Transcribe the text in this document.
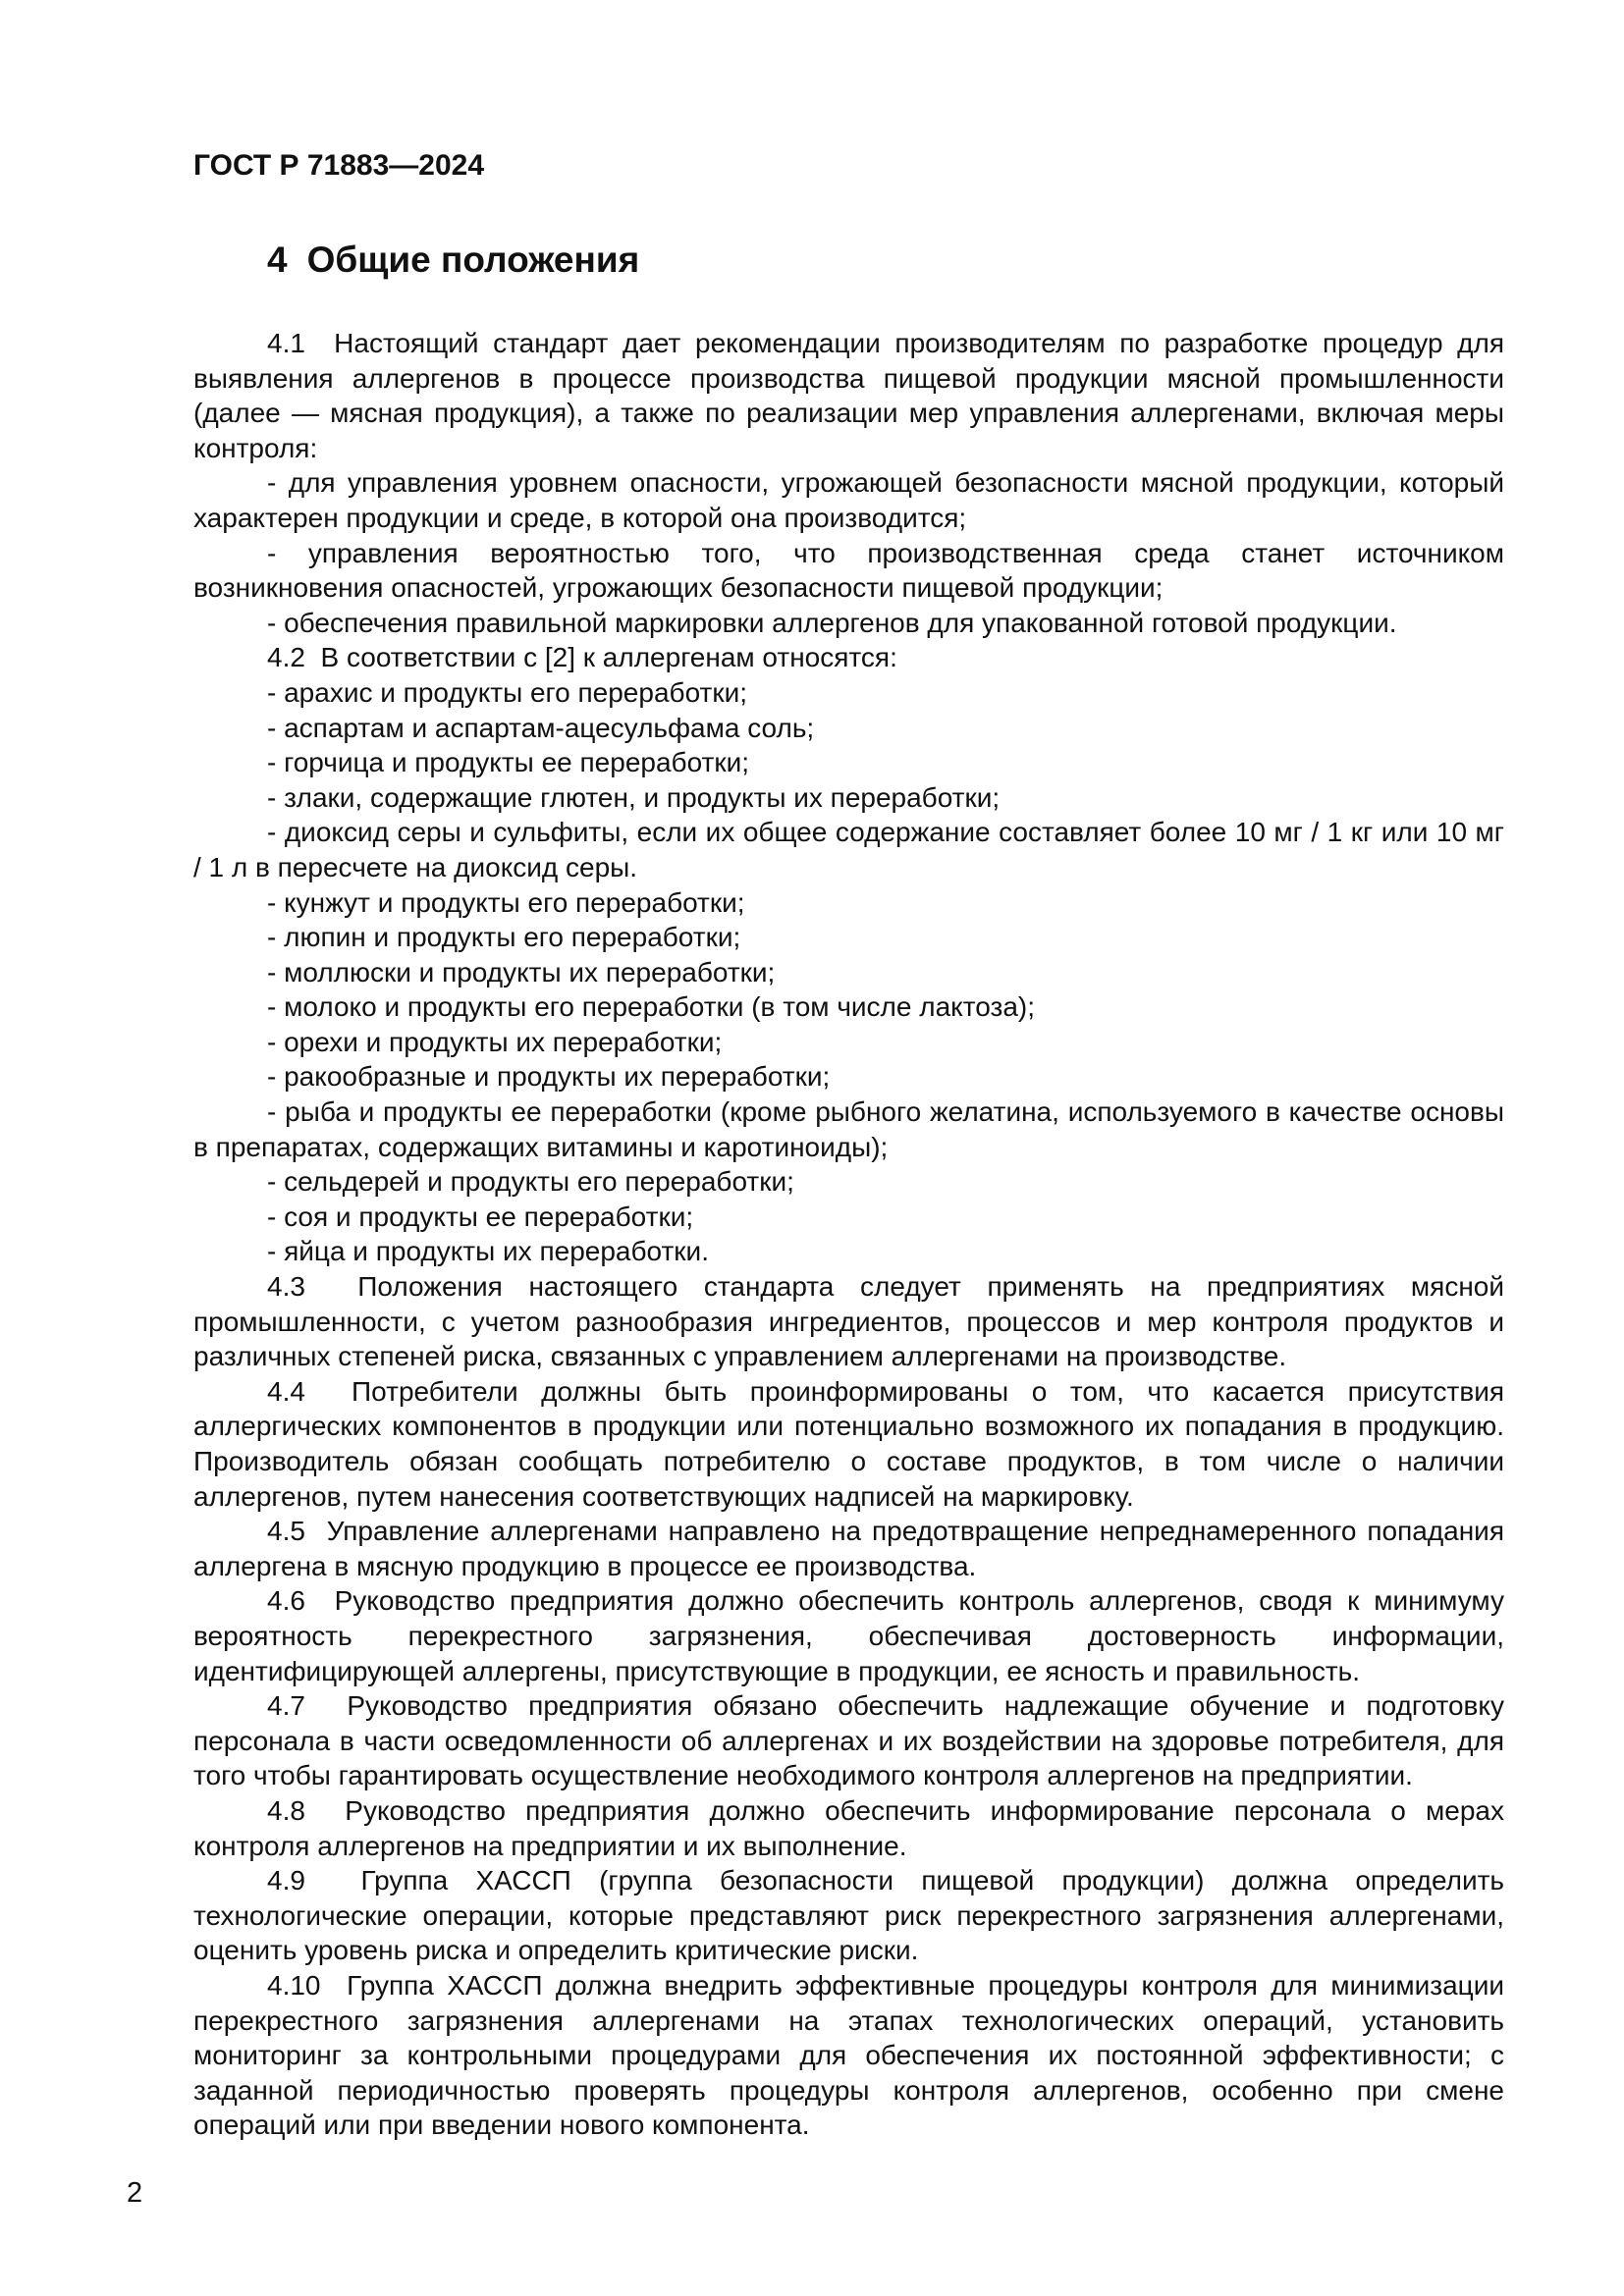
ГОСТ Р 71883—2024
4 Общие положения

4.1  Настоящий стандарт дает рекомендации производителям по разработке процедур для выявления аллергенов в процессе производства пищевой продукции мясной промышленности (далее — мясная продукция), а также по реализации мер управления аллергенами, включая меры контроля:

- для управления уровнем опасности, угрожающей безопасности мясной продукции, который характерен продукции и среде, в которой она производится;

- управления вероятностью того, что производственная среда станет источником возникновения опасностей, угрожающих безопасности пищевой продукции;

- обеспечения правильной маркировки аллергенов для упакованной готовой продукции.

4.2  В соответствии с [2] к аллергенам относятся:

- арахис и продукты его переработки;

- аспартам и аспартам-ацесульфама соль;

- горчица и продукты ее переработки;

- злаки, содержащие глютен, и продукты их переработки;

- диоксид серы и сульфиты, если их общее содержание составляет более 10 мг / 1 кг или 10 мг / 1 л в пересчете на диоксид серы.

- кунжут и продукты его переработки;

- люпин и продукты его переработки;

- моллюски и продукты их переработки;

- молоко и продукты его переработки (в том числе лактоза);

- орехи и продукты их переработки;

- ракообразные и продукты их переработки;

- рыба и продукты ее переработки (кроме рыбного желатина, используемого в качестве основы в препаратах, содержащих витамины и каротиноиды);

- сельдерей и продукты его переработки;

- соя и продукты ее переработки;

- яйца и продукты их переработки.

4.3  Положения настоящего стандарта следует применять на предприятиях мясной промышленности, с учетом разнообразия ингредиентов, процессов и мер контроля продуктов и различных степеней риска, связанных с управлением аллергенами на производстве.

4.4  Потребители должны быть проинформированы о том, что касается присутствия аллергических компонентов в продукции или потенциально возможного их попадания в продукцию. Производитель обязан сообщать потребителю о составе продуктов, в том числе о наличии аллергенов, путем нанесения соответствующих надписей на маркировку.

4.5  Управление аллергенами направлено на предотвращение непреднамеренного попадания аллергена в мясную продукцию в процессе ее производства.

4.6  Руководство предприятия должно обеспечить контроль аллергенов, сводя к минимуму вероятность перекрестного загрязнения, обеспечивая достоверность информации, идентифицирующей аллергены, присутствующие в продукции, ее ясность и правильность.

4.7  Руководство предприятия обязано обеспечить надлежащие обучение и подготовку персонала в части осведомленности об аллергенах и их воздействии на здоровье потребителя, для того чтобы гарантировать осуществление необходимого контроля аллергенов на предприятии.

4.8  Руководство предприятия должно обеспечить информирование персонала о мерах контроля аллергенов на предприятии и их выполнение.

4.9  Группа ХАССП (группа безопасности пищевой продукции) должна определить технологические операции, которые представляют риск перекрестного загрязнения аллергенами, оценить уровень риска и определить критические риски.

4.10  Группа ХАССП должна внедрить эффективные процедуры контроля для минимизации перекрестного загрязнения аллергенами на этапах технологических операций, установить мониторинг за контрольными процедурами для обеспечения их постоянной эффективности; с заданной периодичностью проверять процедуры контроля аллергенов, особенно при смене операций или при введении нового компонента.

2
